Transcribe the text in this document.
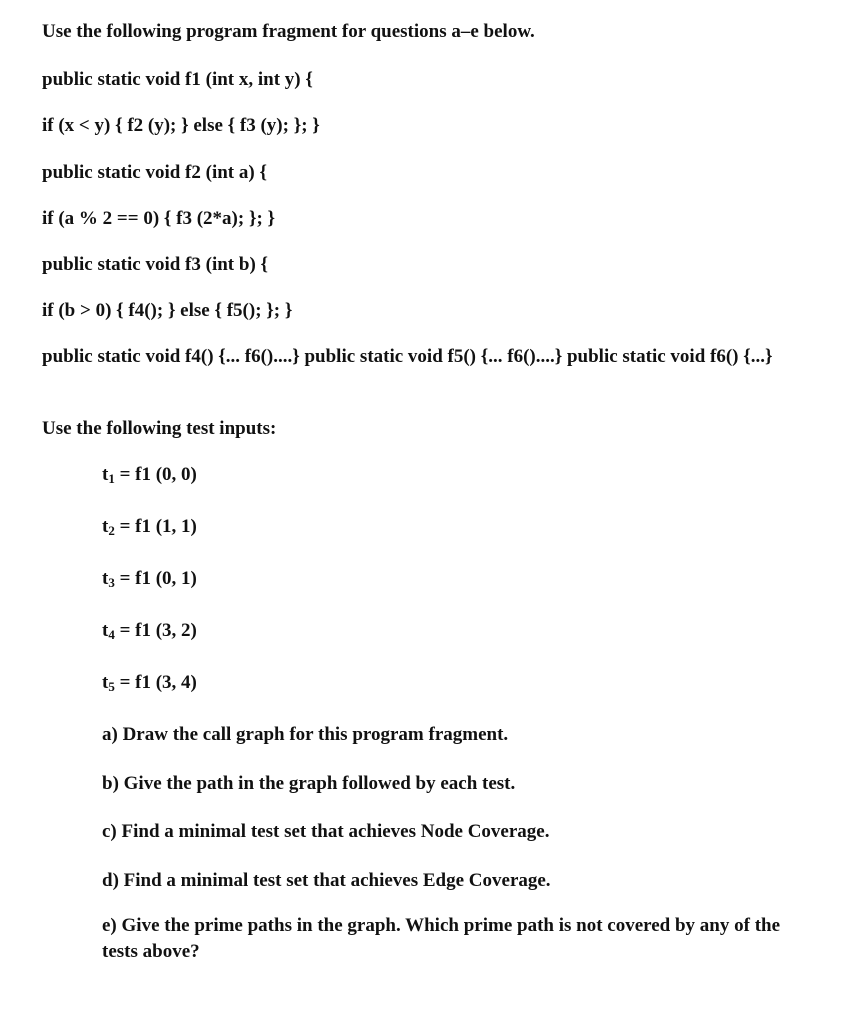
Use the following program fragment for questions a–e below.
public static void f1 (int x, int y) {
if (x < y) { f2 (y); } else { f3 (y); }; }
public static void f2 (int a) {
if (a % 2 == 0) { f3 (2*a); }; }
public static void f3 (int b) {
if (b > 0) { f4(); } else { f5(); }; }
public static void f4() {... f6()....} public static void f5() {... f6()....} public static void f6() {...}
Use the following test inputs:
$t_1 = f1$ (0, 0)
$t_2 = f1$ (1, 1)
$t_3 = f1$ (0, 1)
$t_4 = f1$ (3, 2)
$t_5 = f1$ (3, 4)
a) Draw the call graph for this program fragment.
b) Give the path in the graph followed by each test.
c) Find a minimal test set that achieves Node Coverage.
d) Find a minimal test set that achieves Edge Coverage.
e) Give the prime paths in the graph. Which prime path is not covered by any of the tests above?
